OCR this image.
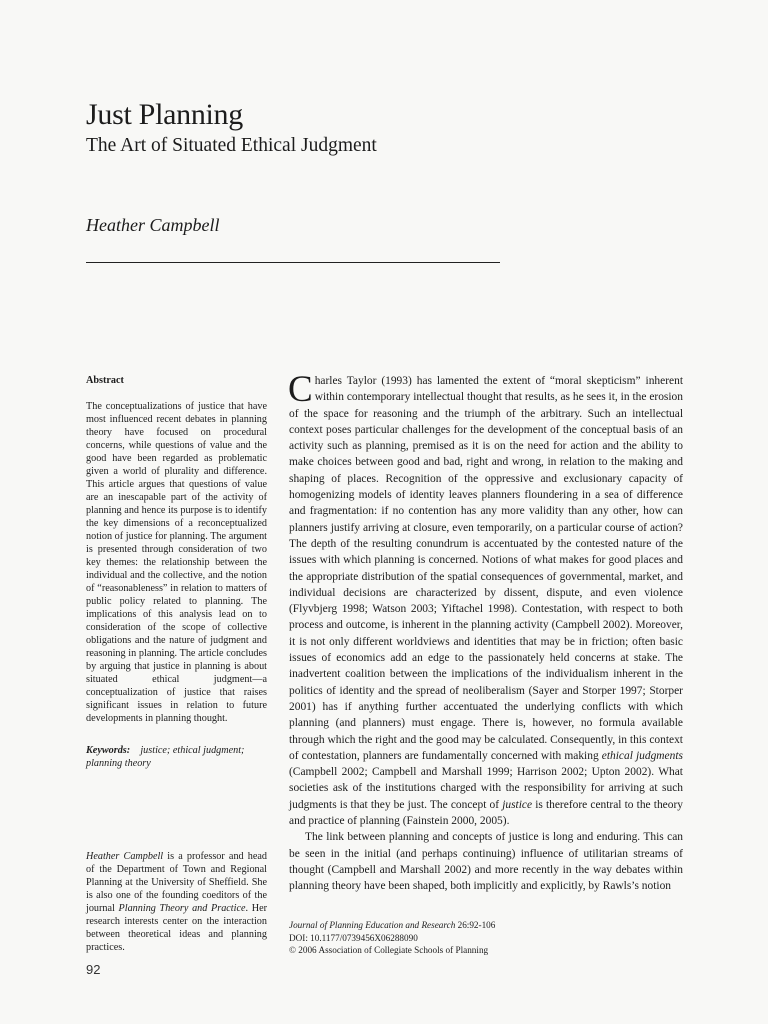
Just Planning
The Art of Situated Ethical Judgment
Heather Campbell
Abstract
The conceptualizations of justice that have most influenced recent debates in planning theory have focused on procedural concerns, while questions of value and the good have been regarded as problematic given a world of plurality and difference. This article argues that questions of value are an inescapable part of the activity of planning and hence its purpose is to identify the key dimensions of a reconceptualized notion of justice for planning. The argument is presented through consideration of two key themes: the relationship between the individual and the collective, and the notion of “reasonableness” in relation to matters of public policy related to planning. The implications of this analysis lead on to consideration of the scope of collective obligations and the nature of judgment and reasoning in planning. The article concludes by arguing that justice in planning is about situated ethical judgment—a conceptualization of justice that raises significant issues in relation to future developments in planning thought.
Keywords: justice; ethical judgment; planning theory
Heather Campbell is a professor and head of the Department of Town and Regional Planning at the University of Sheffield. She is also one of the founding coeditors of the journal Planning Theory and Practice. Her research interests center on the interaction between theoretical ideas and planning practices.
92

Charles Taylor (1993) has lamented the extent of “moral skepticism” inherent within contemporary intellectual thought that results, as he sees it, in the erosion of the space for reasoning and the triumph of the arbitrary. Such an intellectual context poses particular challenges for the development of the conceptual basis of an activity such as planning, premised as it is on the need for action and the ability to make choices between good and bad, right and wrong, in relation to the making and shaping of places. Recognition of the oppressive and exclusionary capacity of homogenizing models of identity leaves planners floundering in a sea of difference and fragmentation: if no contention has any more validity than any other, how can planners justify arriving at closure, even temporarily, on a particular course of action? The depth of the resulting conundrum is accentuated by the contested nature of the issues with which planning is concerned. Notions of what makes for good places and the appropriate distribution of the spatial consequences of governmental, market, and individual decisions are characterized by dissent, dispute, and even violence (Flyvbjerg 1998; Watson 2003; Yiftachel 1998). Contestation, with respect to both process and outcome, is inherent in the planning activity (Campbell 2002). Moreover, it is not only different worldviews and identities that may be in friction; often basic issues of economics add an edge to the passionately held concerns at stake. The inadvertent coalition between the implications of the individualism inherent in the politics of identity and the spread of neoliberalism (Sayer and Storper 1997; Storper 2001) has if anything further accentuated the underlying conflicts with which planning (and planners) must engage. There is, however, no formula available through which the right and the good may be calculated. Consequently, in this context of contestation, planners are fundamentally concerned with making ethical judgments (Campbell 2002; Campbell and Marshall 1999; Harrison 2002; Upton 2002). What societies ask of the institutions charged with the responsibility for arriving at such judgments is that they be just. The concept of justice is therefore central to the theory and practice of planning (Fainstein 2000, 2005).

The link between planning and concepts of justice is long and enduring. This can be seen in the initial (and perhaps continuing) influence of utilitarian streams of thought (Campbell and Marshall 2002) and more recently in the way debates within planning theory have been shaped, both implicitly and explicitly, by Rawls’s notion

Journal of Planning Education and Research 26:92-106
DOI: 10.1177/0739456X06288090
© 2006 Association of Collegiate Schools of Planning
